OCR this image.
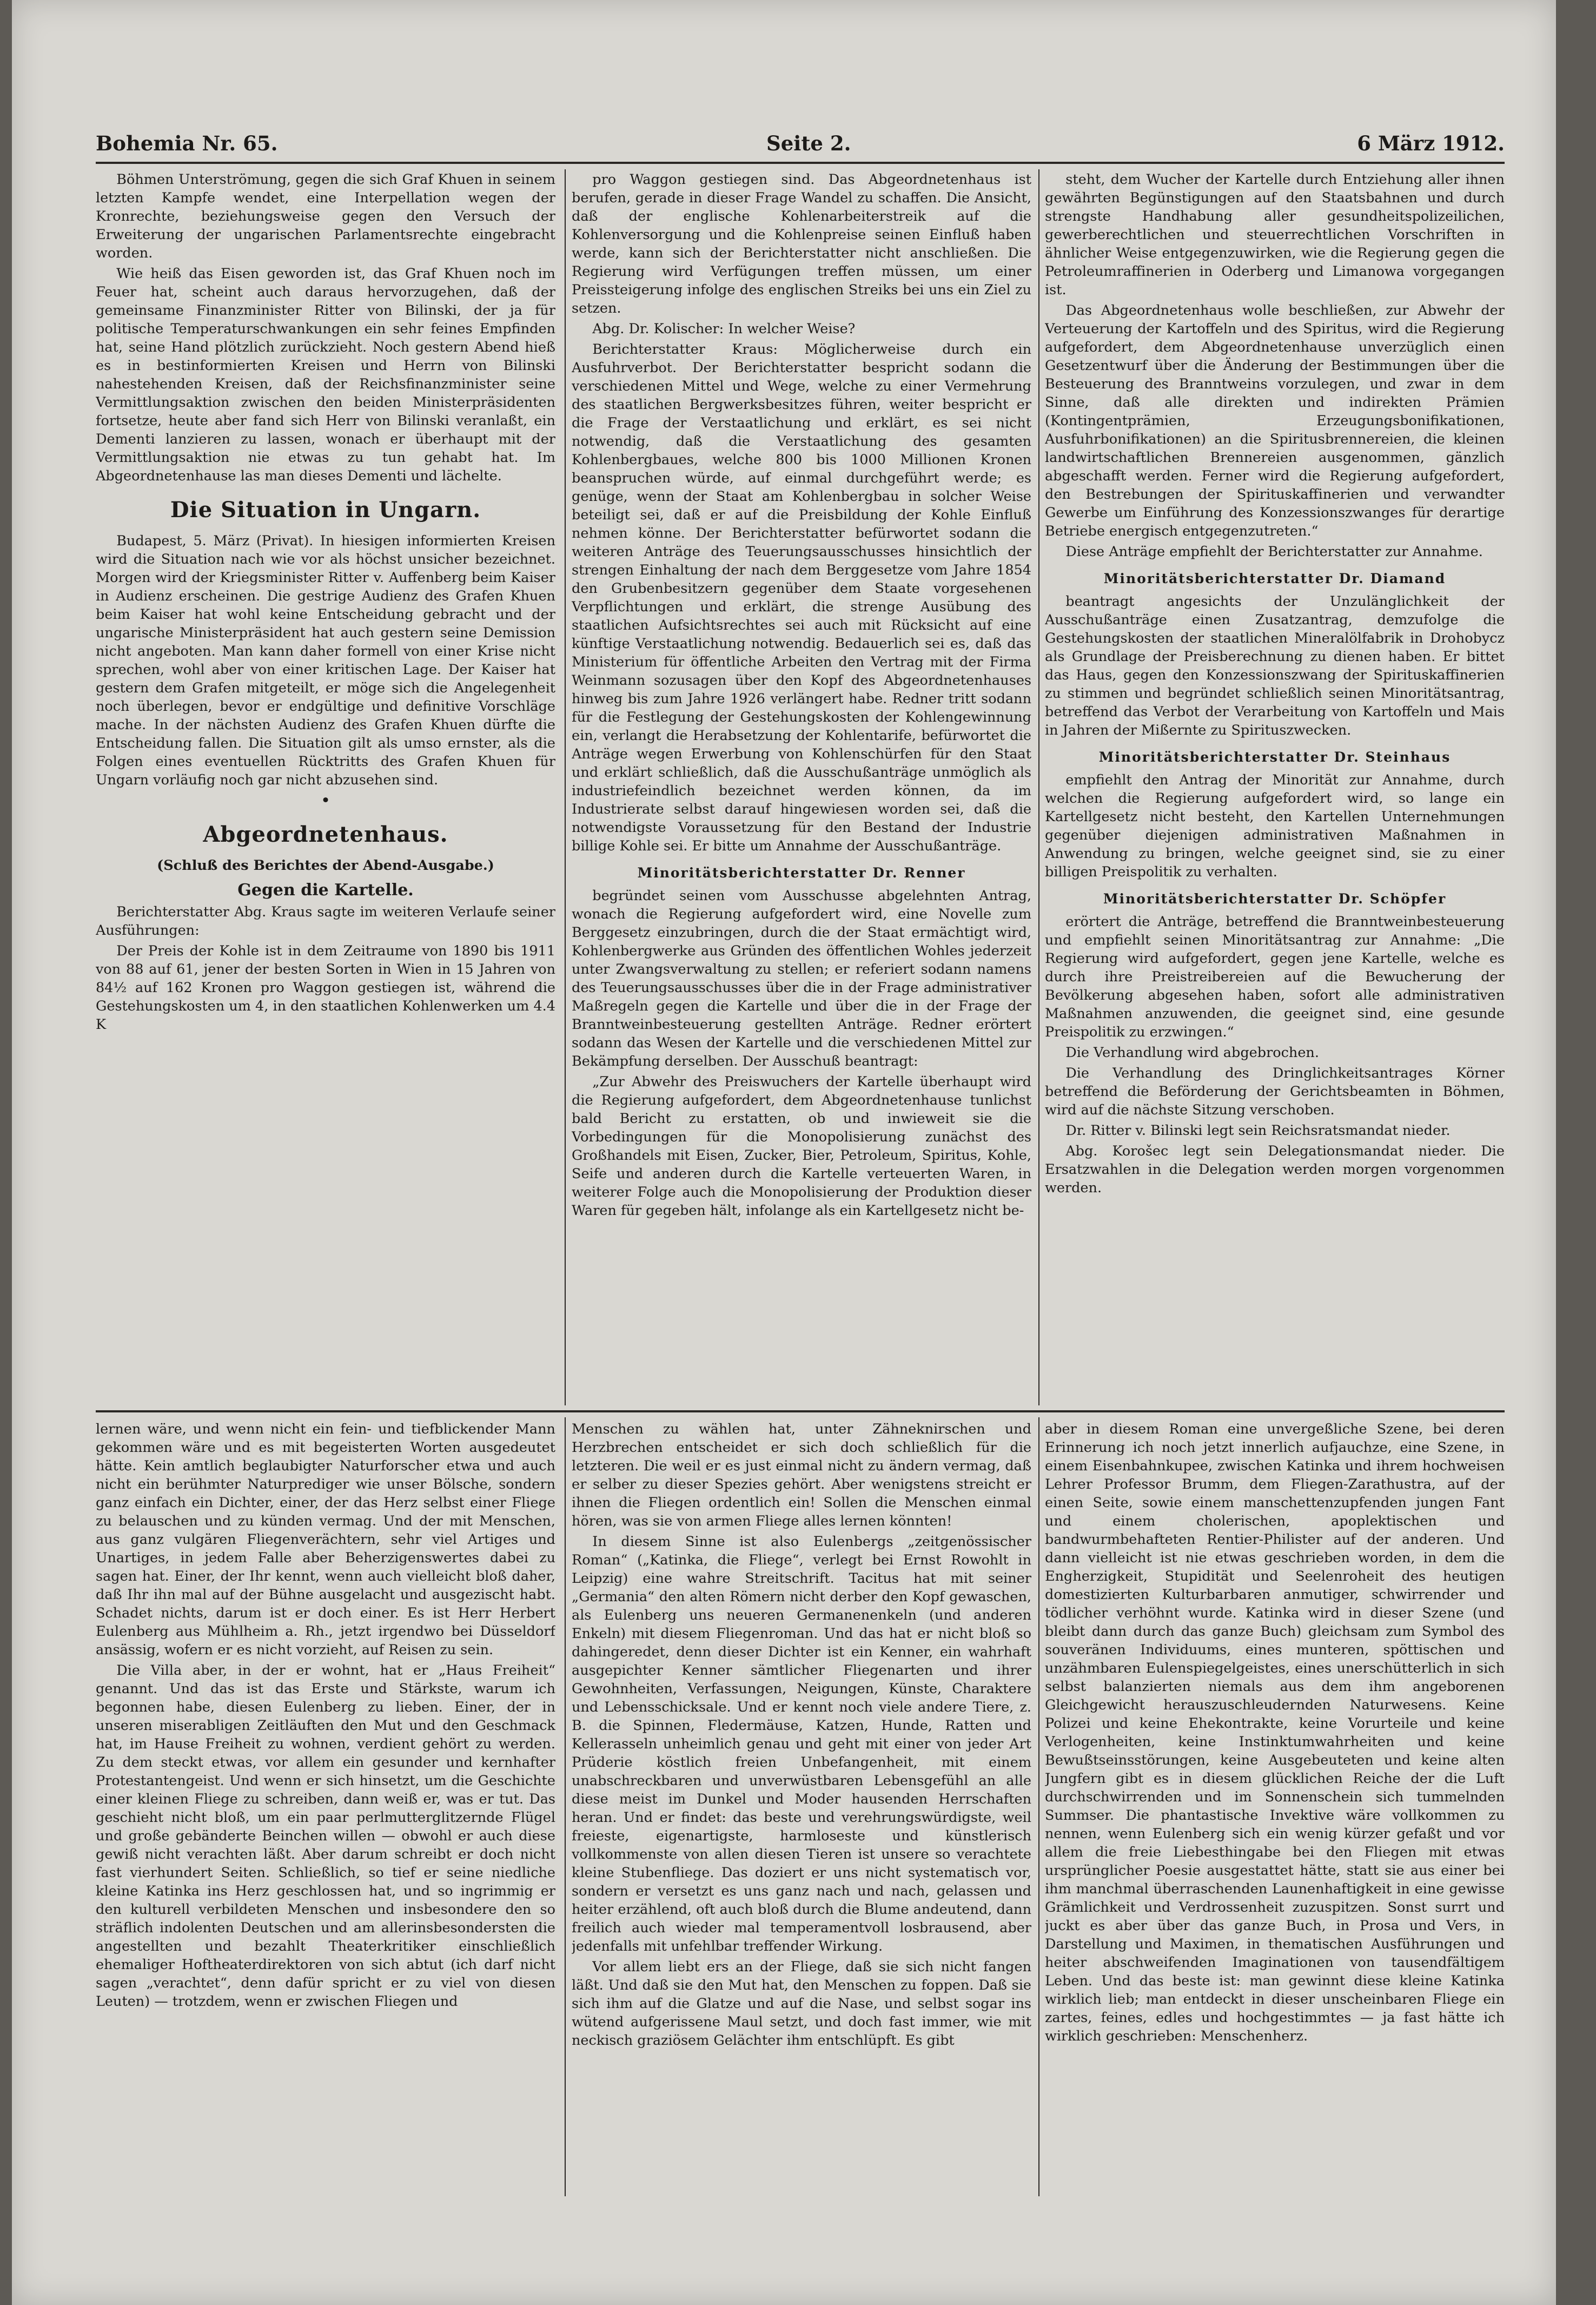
Bohemia Nr. 65.	Seite 2.	6 März 1912.

Böhmen Unterströmung, gegen die sich Graf Khuen in seinem letzten Kampfe wendet, eine Interpellation wegen der Kronrechte, beziehungsweise gegen den Versuch der Erweiterung der ungarischen Parlamentsrechte eingebracht worden.

Wie heiß das Eisen geworden ist, das Graf Khuen noch im Feuer hat, scheint auch daraus hervorzugehen, daß der gemeinsame Finanzminister Ritter von Bilinski, der ja für politische Temperaturschwankungen ein sehr feines Empfinden hat, seine Hand plötzlich zurückzieht. Noch gestern Abend hieß es in bestinformierten Kreisen und Herrn von Bilinski nahestehenden Kreisen, daß der Reichsfinanzminister seine Vermittlungsaktion zwischen den beiden Ministerpräsidenten fortsetze, heute aber fand sich Herr von Bilinski veranlaßt, ein Dementi lanzieren zu lassen, wonach er überhaupt mit der Vermittlungsaktion nie etwas zu tun gehabt hat. Im Abgeordnetenhause las man dieses Dementi und lächelte.

Die Situation in Ungarn.

Budapest, 5. März (Privat). In hiesigen informierten Kreisen wird die Situation nach wie vor als höchst unsicher bezeichnet. Morgen wird der Kriegsminister Ritter v. Auffenberg beim Kaiser in Audienz erscheinen. Die gestrige Audienz des Grafen Khuen beim Kaiser hat wohl keine Entscheidung gebracht und der ungarische Ministerpräsident hat auch gestern seine Demission nicht angeboten. Man kann daher formell von einer Krise nicht sprechen, wohl aber von einer kritischen Lage. Der Kaiser hat gestern dem Grafen mitgeteilt, er möge sich die Angelegenheit noch überlegen, bevor er endgültige und definitive Vorschläge mache. In der nächsten Audienz des Grafen Khuen dürfte die Entscheidung fallen. Die Situation gilt als umso ernster, als die Folgen eines eventuellen Rücktritts des Grafen Khuen für Ungarn vorläufig noch gar nicht abzusehen sind.

•

Abgeordnetenhaus.

(Schluß des Berichtes der Abend-Ausgabe.)

Gegen die Kartelle.

Berichterstatter Abg. Kraus sagte im weiteren Verlaufe seiner Ausführungen:

Der Preis der Kohle ist in dem Zeitraume von 1890 bis 1911 von 88 auf 61, jener der besten Sorten in Wien in 15 Jahren von 84½ auf 162 Kronen pro Waggon gestiegen ist, während die Gestehungskosten um 4, in den staatlichen Kohlenwerken um 4.4 K

pro Waggon gestiegen sind. Das Abgeordnetenhaus ist berufen, gerade in dieser Frage Wandel zu schaffen. Die Ansicht, daß der englische Kohlenarbeiterstreik auf die Kohlenversorgung und die Kohlenpreise seinen Einfluß haben werde, kann sich der Berichterstatter nicht anschließen. Die Regierung wird Verfügungen treffen müssen, um einer Preissteigerung infolge des englischen Streiks bei uns ein Ziel zu setzen.

Abg. Dr. Kolischer: In welcher Weise?

Berichterstatter Kraus: Möglicherweise durch ein Ausfuhrverbot. Der Berichterstatter bespricht sodann die verschiedenen Mittel und Wege, welche zu einer Vermehrung des staatlichen Bergwerksbesitzes führen, weiter bespricht er die Frage der Verstaatlichung und erklärt, es sei nicht notwendig, daß die Verstaatlichung des gesamten Kohlenbergbaues, welche 800 bis 1000 Millionen Kronen beanspruchen würde, auf einmal durchgeführt werde; es genüge, wenn der Staat am Kohlenbergbau in solcher Weise beteiligt sei, daß er auf die Preisbildung der Kohle Einfluß nehmen könne. Der Berichterstatter befürwortet sodann die weiteren Anträge des Teuerungsausschusses hinsichtlich der strengen Einhaltung der nach dem Berggesetze vom Jahre 1854 den Grubenbesitzern gegenüber dem Staate vorgesehenen Verpflichtungen und erklärt, die strenge Ausübung des staatlichen Aufsichtsrechtes sei auch mit Rücksicht auf eine künftige Verstaatlichung notwendig. Bedauerlich sei es, daß das Ministerium für öffentliche Arbeiten den Vertrag mit der Firma Weinmann sozusagen über den Kopf des Abgeordnetenhauses hinweg bis zum Jahre 1926 verlängert habe. Redner tritt sodann für die Festlegung der Gestehungskosten der Kohlengewinnung ein, verlangt die Herabsetzung der Kohlentarife, befürwortet die Anträge wegen Erwerbung von Kohlenschürfen für den Staat und erklärt schließlich, daß die Ausschußanträge unmöglich als industriefeindlich bezeichnet werden können, da im Industrierate selbst darauf hingewiesen worden sei, daß die notwendigste Voraussetzung für den Bestand der Industrie billige Kohle sei. Er bitte um Annahme der Ausschußanträge.

Minoritätsberichterstatter Dr. Renner

begründet seinen vom Ausschusse abgelehnten Antrag, wonach die Regierung aufgefordert wird, eine Novelle zum Berggesetz einzubringen, durch die der Staat ermächtigt wird, Kohlenbergwerke aus Gründen des öffentlichen Wohles jederzeit unter Zwangsverwaltung zu stellen; er referiert sodann namens des Teuerungsausschusses über die in der Frage administrativer Maßregeln gegen die Kartelle und über die in der Frage der Branntweinbesteuerung gestellten Anträge. Redner erörtert sodann das Wesen der Kartelle und die verschiedenen Mittel zur Bekämpfung derselben. Der Ausschuß beantragt:

„Zur Abwehr des Preiswuchers der Kartelle überhaupt wird die Regierung aufgefordert, dem Abgeordnetenhause tunlichst bald Bericht zu erstatten, ob und inwieweit sie die Vorbedingungen für die Monopolisierung zunächst des Großhandels mit Eisen, Zucker, Bier, Petroleum, Spiritus, Kohle, Seife und anderen durch die Kartelle verteuerten Waren, in weiterer Folge auch die Monopolisierung der Produktion dieser Waren für gegeben hält, infolange als ein Kartellgesetz nicht be-

steht, dem Wucher der Kartelle durch Entziehung aller ihnen gewährten Begünstigungen auf den Staatsbahnen und durch strengste Handhabung aller gesundheitspolizeilichen, gewerberechtlichen und steuerrechtlichen Vorschriften in ähnlicher Weise entgegenzuwirken, wie die Regierung gegen die Petroleumraffinerien in Oderberg und Limanowa vorgegangen ist.

Das Abgeordnetenhaus wolle beschließen, zur Abwehr der Verteuerung der Kartoffeln und des Spiritus, wird die Regierung aufgefordert, dem Abgeordnetenhause unverzüglich einen Gesetzentwurf über die Änderung der Bestimmungen über die Besteuerung des Branntweins vorzulegen, und zwar in dem Sinne, daß alle direkten und indirekten Prämien (Kontingentprämien, Erzeugungsbonifikationen, Ausfuhrbonifikationen) an die Spiritusbrennereien, die kleinen landwirtschaftlichen Brennereien ausgenommen, gänzlich abgeschafft werden. Ferner wird die Regierung aufgefordert, den Bestrebungen der Spirituskaffinerien und verwandter Gewerbe um Einführung des Konzessionszwanges für derartige Betriebe energisch entgegenzutreten.“

Diese Anträge empfiehlt der Berichterstatter zur Annahme.

Minoritätsberichterstatter Dr. Diamand

beantragt angesichts der Unzulänglichkeit der Ausschußanträge einen Zusatzantrag, demzufolge die Gestehungskosten der staatlichen Mineralölfabrik in Drohobycz als Grundlage der Preisberechnung zu dienen haben. Er bittet das Haus, gegen den Konzessionszwang der Spirituskaffinerien zu stimmen und begründet schließlich seinen Minoritätsantrag, betreffend das Verbot der Verarbeitung von Kartoffeln und Mais in Jahren der Mißernte zu Spirituszwecken.

Minoritätsberichterstatter Dr. Steinhaus

empfiehlt den Antrag der Minorität zur Annahme, durch welchen die Regierung aufgefordert wird, so lange ein Kartellgesetz nicht besteht, den Kartellen Unternehmungen gegenüber diejenigen administrativen Maßnahmen in Anwendung zu bringen, welche geeignet sind, sie zu einer billigen Preispolitik zu verhalten.

Minoritätsberichterstatter Dr. Schöpfer

erörtert die Anträge, betreffend die Branntweinbesteuerung und empfiehlt seinen Minoritätsantrag zur Annahme: „Die Regierung wird aufgefordert, gegen jene Kartelle, welche es durch ihre Preistreibereien auf die Bewucherung der Bevölkerung abgesehen haben, sofort alle administrativen Maßnahmen anzuwenden, die geeignet sind, eine gesunde Preispolitik zu erzwingen.“

Die Verhandlung wird abgebrochen.

Die Verhandlung des Dringlichkeitsantrages Körner betreffend die Beförderung der Gerichtsbeamten in Böhmen, wird auf die nächste Sitzung verschoben.

Dr. Ritter v. Bilinski legt sein Reichsratsmandat nieder.

Abg. Korošec legt sein Delegationsmandat nieder. Die Ersatzwahlen in die Delegation werden morgen vorgenommen werden.

lernen wäre, und wenn nicht ein fein- und tiefblickender Mann gekommen wäre und es mit begeisterten Worten ausgedeutet hätte. Kein amtlich beglaubigter Naturforscher etwa und auch nicht ein berühmter Naturprediger wie unser Bölsche, sondern ganz einfach ein Dichter, einer, der das Herz selbst einer Fliege zu belauschen und zu künden vermag. Und der mit Menschen, aus ganz vulgären Fliegenverächtern, sehr viel Artiges und Unartiges, in jedem Falle aber Beherzigenswertes dabei zu sagen hat. Einer, der Ihr kennt, wenn auch vielleicht bloß daher, daß Ihr ihn mal auf der Bühne ausgelacht und ausgezischt habt. Schadet nichts, darum ist er doch einer. Es ist Herr Herbert Eulenberg aus Mühlheim a. Rh., jetzt irgendwo bei Düsseldorf ansässig, wofern er es nicht vorzieht, auf Reisen zu sein.

Die Villa aber, in der er wohnt, hat er „Haus Freiheit“ genannt. Und das ist das Erste und Stärkste, warum ich begonnen habe, diesen Eulenberg zu lieben. Einer, der in unseren miserabligen Zeitläuften den Mut und den Geschmack hat, im Hause Freiheit zu wohnen, verdient gehört zu werden. Zu dem steckt etwas, vor allem ein gesunder und kernhafter Protestantengeist. Und wenn er sich hinsetzt, um die Geschichte einer kleinen Fliege zu schreiben, dann weiß er, was er tut. Das geschieht nicht bloß, um ein paar perlmutterglitzernde Flügel und große gebänderte Beinchen willen — obwohl er auch diese gewiß nicht verachten läßt. Aber darum schreibt er doch nicht fast vierhundert Seiten. Schließlich, so tief er seine niedliche kleine Katinka ins Herz geschlossen hat, und so ingrimmig er den kulturell verbildeten Menschen und insbesondere den so sträflich indolenten Deutschen und am allerinsbesondersten die angestellten und bezahlt Theaterkritiker einschließlich ehemaliger Hoftheaterdirektoren von sich abtut (ich darf nicht sagen „verachtet“, denn dafür spricht er zu viel von diesen Leuten) — trotzdem, wenn er zwischen Fliegen und

Menschen zu wählen hat, unter Zähneknirschen und Herzbrechen entscheidet er sich doch schließlich für die letzteren. Die weil er es just einmal nicht zu ändern vermag, daß er selber zu dieser Spezies gehört. Aber wenigstens streicht er ihnen die Fliegen ordentlich ein! Sollen die Menschen einmal hören, was sie von armen Fliege alles lernen könnten!

In diesem Sinne ist also Eulenbergs „zeitgenössischer Roman“ („Katinka, die Fliege“, verlegt bei Ernst Rowohlt in Leipzig) eine wahre Streitschrift. Tacitus hat mit seiner „Germania“ den alten Römern nicht derber den Kopf gewaschen, als Eulenberg uns neueren Germanenenkeln (und anderen Enkeln) mit diesem Fliegenroman. Und das hat er nicht bloß so dahingeredet, denn dieser Dichter ist ein Kenner, ein wahrhaft ausgepichter Kenner sämtlicher Fliegenarten und ihrer Gewohnheiten, Verfassungen, Neigungen, Künste, Charaktere und Lebensschicksale. Und er kennt noch viele andere Tiere, z. B. die Spinnen, Fledermäuse, Katzen, Hunde, Ratten und Kellerasseln unheimlich genau und geht mit einer von jeder Art Prüderie köstlich freien Unbefangenheit, mit einem unabschreckbaren und unverwüstbaren Lebensgefühl an alle diese meist im Dunkel und Moder hausenden Herrschaften heran. Und er findet: das beste und verehrungswürdigste, weil freieste, eigenartigste, harmloseste und künstlerisch vollkommenste von allen diesen Tieren ist unsere so verachtete kleine Stubenfliege. Das doziert er uns nicht systematisch vor, sondern er versetzt es uns ganz nach und nach, gelassen und heiter erzählend, oft auch bloß durch die Blume andeutend, dann freilich auch wieder mal temperamentvoll losbrausend, aber jedenfalls mit unfehlbar treffender Wirkung.

Vor allem liebt ers an der Fliege, daß sie sich nicht fangen läßt. Und daß sie den Mut hat, den Menschen zu foppen. Daß sie sich ihm auf die Glatze und auf die Nase, und selbst sogar ins wütend aufgerissene Maul setzt, und doch fast immer, wie mit neckisch graziösem Gelächter ihm entschlüpft. Es gibt

aber in diesem Roman eine unvergeßliche Szene, bei deren Erinnerung ich noch jetzt innerlich aufjauchze, eine Szene, in einem Eisenbahnkupee, zwischen Katinka und ihrem hochweisen Lehrer Professor Brumm, dem Fliegen-Zarathustra, auf der einen Seite, sowie einem manschettenzupfenden jungen Fant und einem cholerischen, apoplektischen und bandwurmbehafteten Rentier-Philister auf der anderen. Und dann vielleicht ist nie etwas geschrieben worden, in dem die Engherzigkeit, Stupidität und Seelenroheit des heutigen domestizierten Kulturbarbaren anmutiger, schwirrender und tödlicher verhöhnt wurde. Katinka wird in dieser Szene (und bleibt dann durch das ganze Buch) gleichsam zum Symbol des souveränen Individuums, eines munteren, spöttischen und unzähmbaren Eulenspiegelgeistes, eines unerschütterlich in sich selbst balanzierten niemals aus dem ihm angeborenen Gleichgewicht herauszuschleudernden Naturwesens. Keine Polizei und keine Ehekontrakte, keine Vorurteile und keine Verlogenheiten, keine Instinktumwahrheiten und keine Bewußtseinsstörungen, keine Ausgebeuteten und keine alten Jungfern gibt es in diesem glücklichen Reiche der die Luft durchschwirrenden und im Sonnenschein sich tummelnden Summser. Die phantastische Invektive wäre vollkommen zu nennen, wenn Eulenberg sich ein wenig kürzer gefaßt und vor allem die freie Liebesthingabe bei den Fliegen mit etwas ursprünglicher Poesie ausgestattet hätte, statt sie aus einer bei ihm manchmal überraschenden Launenhaftigkeit in eine gewisse Grämlichkeit und Verdrossenheit zuzuspitzen. Sonst surrt und juckt es aber über das ganze Buch, in Prosa und Vers, in Darstellung und Maximen, in thematischen Ausführungen und heiter abschweifenden Imaginationen von tausendfältigem Leben. Und das beste ist: man gewinnt diese kleine Katinka wirklich lieb; man entdeckt in dieser unscheinbaren Fliege ein zartes, feines, edles und hochgestimmtes — ja fast hätte ich wirklich geschrieben: Menschenherz.
